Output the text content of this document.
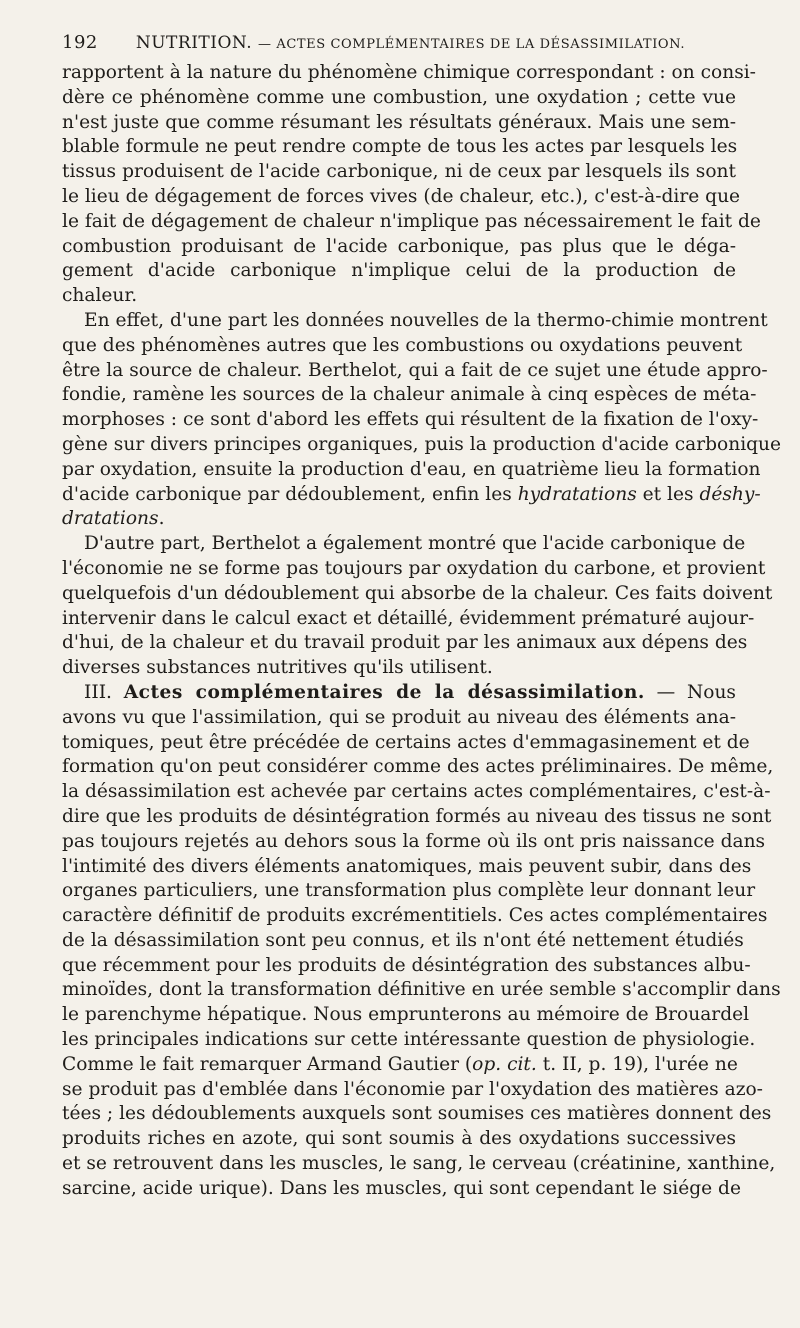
192 NUTRITION.
— ACTES COMPLÉMENTAIRES DE LA DÉSASSIMILATION.
rapportent à la nature du phénomène chimique correspondant : on consi-
dère ce phénomène comme une combustion, une oxydation ; cette vue
n'est juste que comme résumant les résultats généraux. Mais une sem-
blable formule ne peut rendre compte de tous les actes par lesquels les
tissus produisent de l'acide carbonique, ni de ceux par lesquels ils sont
le lieu de dégagement de forces vives (de chaleur, etc.), c'est-à-dire que
le fait de dégagement de chaleur n'implique pas nécessairement le fait de
combustion produisant de l'acide carbonique, pas plus que le déga-
gement d'acide carbonique n'implique celui de la production de
chaleur.
En effet, d'une part les données nouvelles de la thermo-chimie montrent
que des phénomènes autres que les combustions ou oxydations peuvent
être la source de chaleur. Berthelot, qui a fait de ce sujet une étude appro-
fondie, ramène les sources de la chaleur animale à cinq espèces de méta-
morphoses : ce sont d'abord les effets qui résultent de la fixation de l'oxy-
gène sur divers principes organiques, puis la production d'acide carbonique
par oxydation, ensuite la production d'eau, en quatrième lieu la formation
d'acide carbonique par dédoublement, enfin les hydratations et les déshy-
dratations.
D'autre part, Berthelot a également montré que l'acide carbonique de
l'économie ne se forme pas toujours par oxydation du carbone, et provient
quelquefois d'un dédoublement qui absorbe de la chaleur. Ces faits doivent
intervenir dans le calcul exact et détaillé, évidemment prématuré aujour-
d'hui, de la chaleur et du travail produit par les animaux aux dépens des
diverses substances nutritives qu'ils utilisent.
III. Actes complémentaires de la désassimilation. — Nous
avons vu que l'assimilation, qui se produit au niveau des éléments ana-
tomiques, peut être précédée de certains actes d'emmagasinement et de
formation qu'on peut considérer comme des actes préliminaires. De même,
la désassimilation est achevée par certains actes complémentaires, c'est-à-
dire que les produits de désintégration formés au niveau des tissus ne sont
pas toujours rejetés au dehors sous la forme où ils ont pris naissance dans
l'intimité des divers éléments anatomiques, mais peuvent subir, dans des
organes particuliers, une transformation plus complète leur donnant leur
caractère définitif de produits excrémentitiels. Ces actes complémentaires
de la désassimilation sont peu connus, et ils n'ont été nettement étudiés
que récemment pour les produits de désintégration des substances albu-
minoïdes, dont la transformation définitive en urée semble s'accomplir dans
le parenchyme hépatique. Nous emprunterons au mémoire de Brouardel
les principales indications sur cette intéressante question de physiologie.
Comme le fait remarquer Armand Gautier (op. cit. t. II, p. 19), l'urée ne
se produit pas d'emblée dans l'économie par l'oxydation des matières azo-
tées ; les dédoublements auxquels sont soumises ces matières donnent des
produits riches en azote, qui sont soumis à des oxydations successives
et se retrouvent dans les muscles, le sang, le cerveau (créatinine, xanthine,
sarcine, acide urique). Dans les muscles, qui sont cependant le siége de
